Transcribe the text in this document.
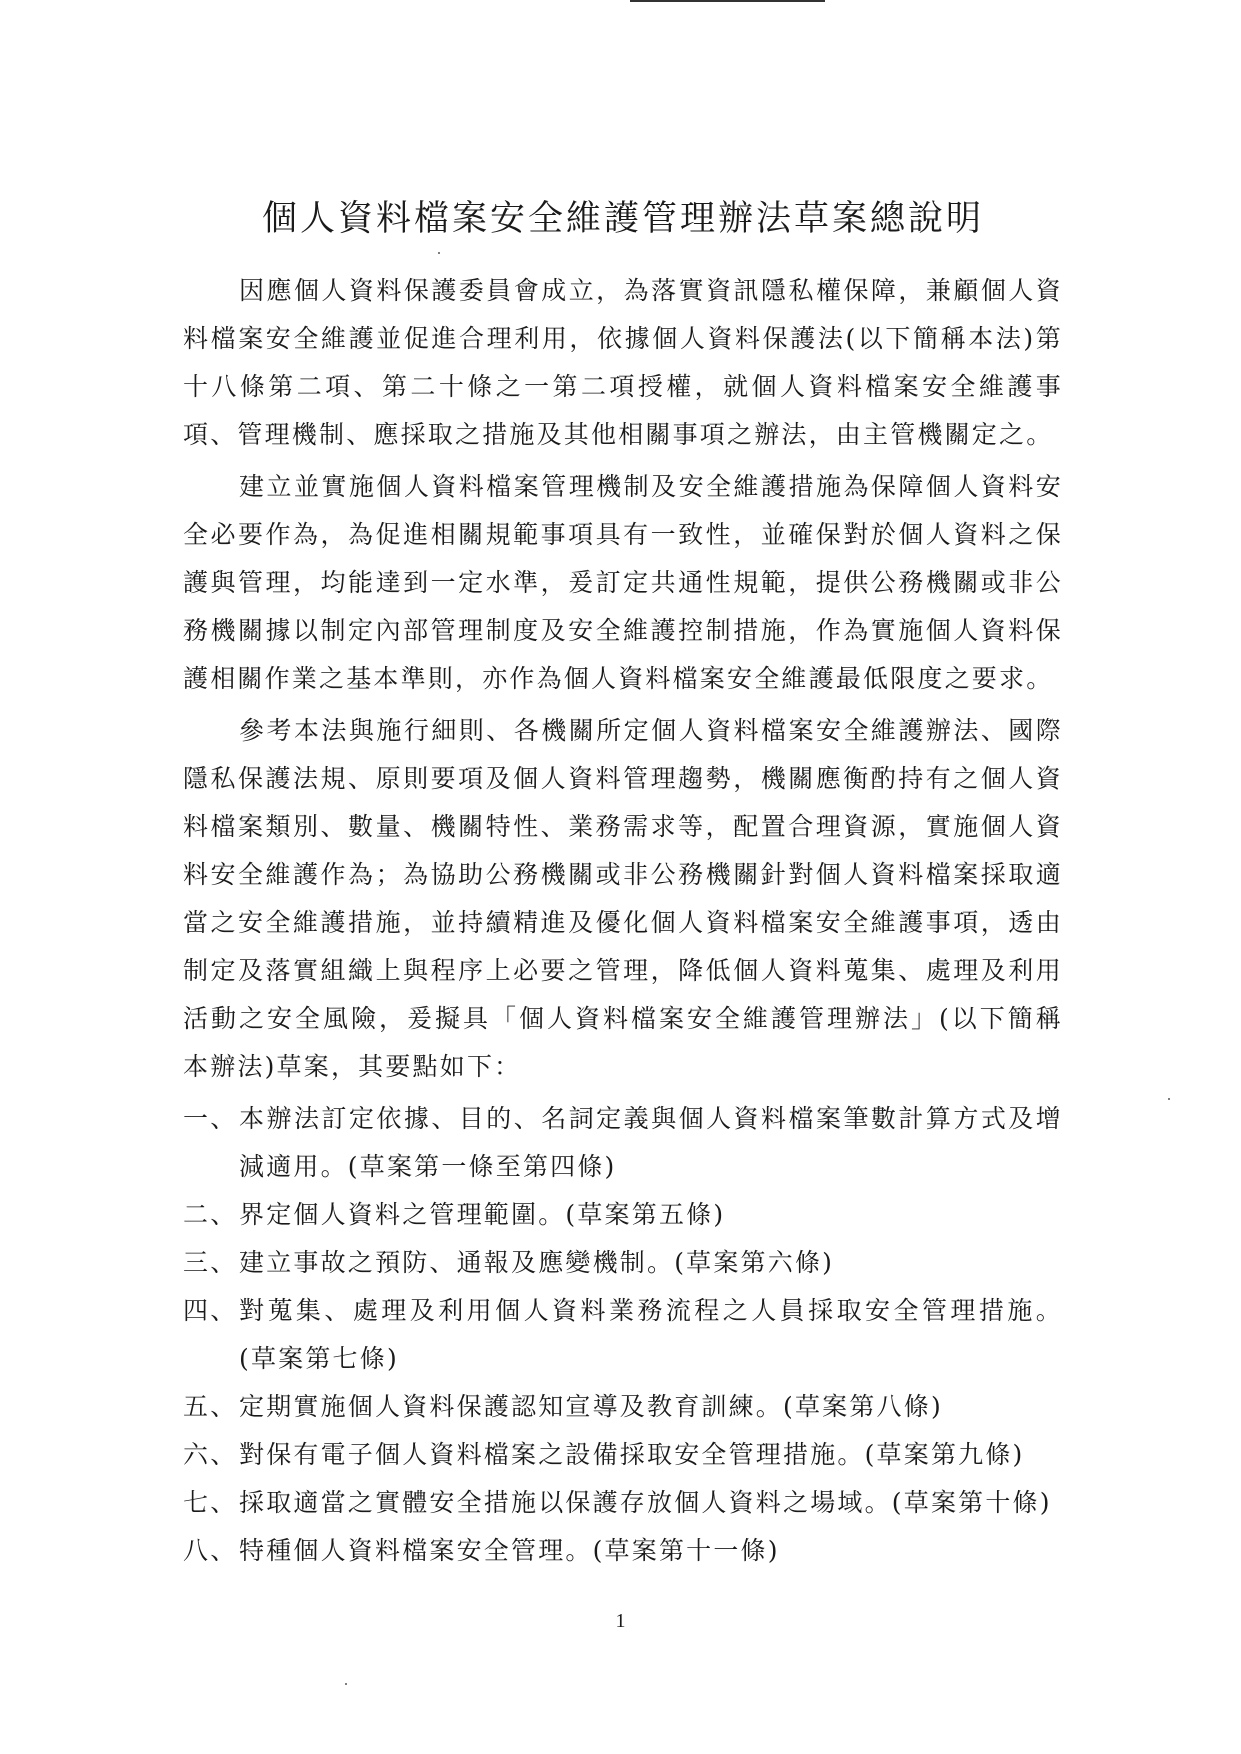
個人資料檔案安全維護管理辦法草案總說明

因應個人資料保護委員會成立，為落實資訊隱私權保障，兼顧個人資料檔案安全維護並促進合理利用，依據個人資料保護法(以下簡稱本法)第十八條第二項、第二十條之一第二項授權，就個人資料檔案安全維護事項、管理機制、應採取之措施及其他相關事項之辦法，由主管機關定之。

建立並實施個人資料檔案管理機制及安全維護措施為保障個人資料安全必要作為，為促進相關規範事項具有一致性，並確保對於個人資料之保護與管理，均能達到一定水準，爰訂定共通性規範，提供公務機關或非公務機關據以制定內部管理制度及安全維護控制措施，作為實施個人資料保護相關作業之基本準則，亦作為個人資料檔案安全維護最低限度之要求。

參考本法與施行細則、各機關所定個人資料檔案安全維護辦法、國際隱私保護法規、原則要項及個人資料管理趨勢，機關應衡酌持有之個人資料檔案類別、數量、機關特性、業務需求等，配置合理資源，實施個人資料安全維護作為；為協助公務機關或非公務機關針對個人資料檔案採取適當之安全維護措施，並持續精進及優化個人資料檔案安全維護事項，透由制定及落實組織上與程序上必要之管理，降低個人資料蒐集、處理及利用活動之安全風險，爰擬具「個人資料檔案安全維護管理辦法」(以下簡稱本辦法)草案，其要點如下：

一、 本辦法訂定依據、目的、名詞定義與個人資料檔案筆數計算方式及增減適用。(草案第一條至第四條)
二、 界定個人資料之管理範圍。(草案第五條)
三、 建立事故之預防、通報及應變機制。(草案第六條)
四、 對蒐集、處理及利用個人資料業務流程之人員採取安全管理措施。(草案第七條)
五、 定期實施個人資料保護認知宣導及教育訓練。(草案第八條)
六、 對保有電子個人資料檔案之設備採取安全管理措施。(草案第九條)
七、 採取適當之實體安全措施以保護存放個人資料之場域。(草案第十條)
八、 特種個人資料檔案安全管理。(草案第十一條)
1
